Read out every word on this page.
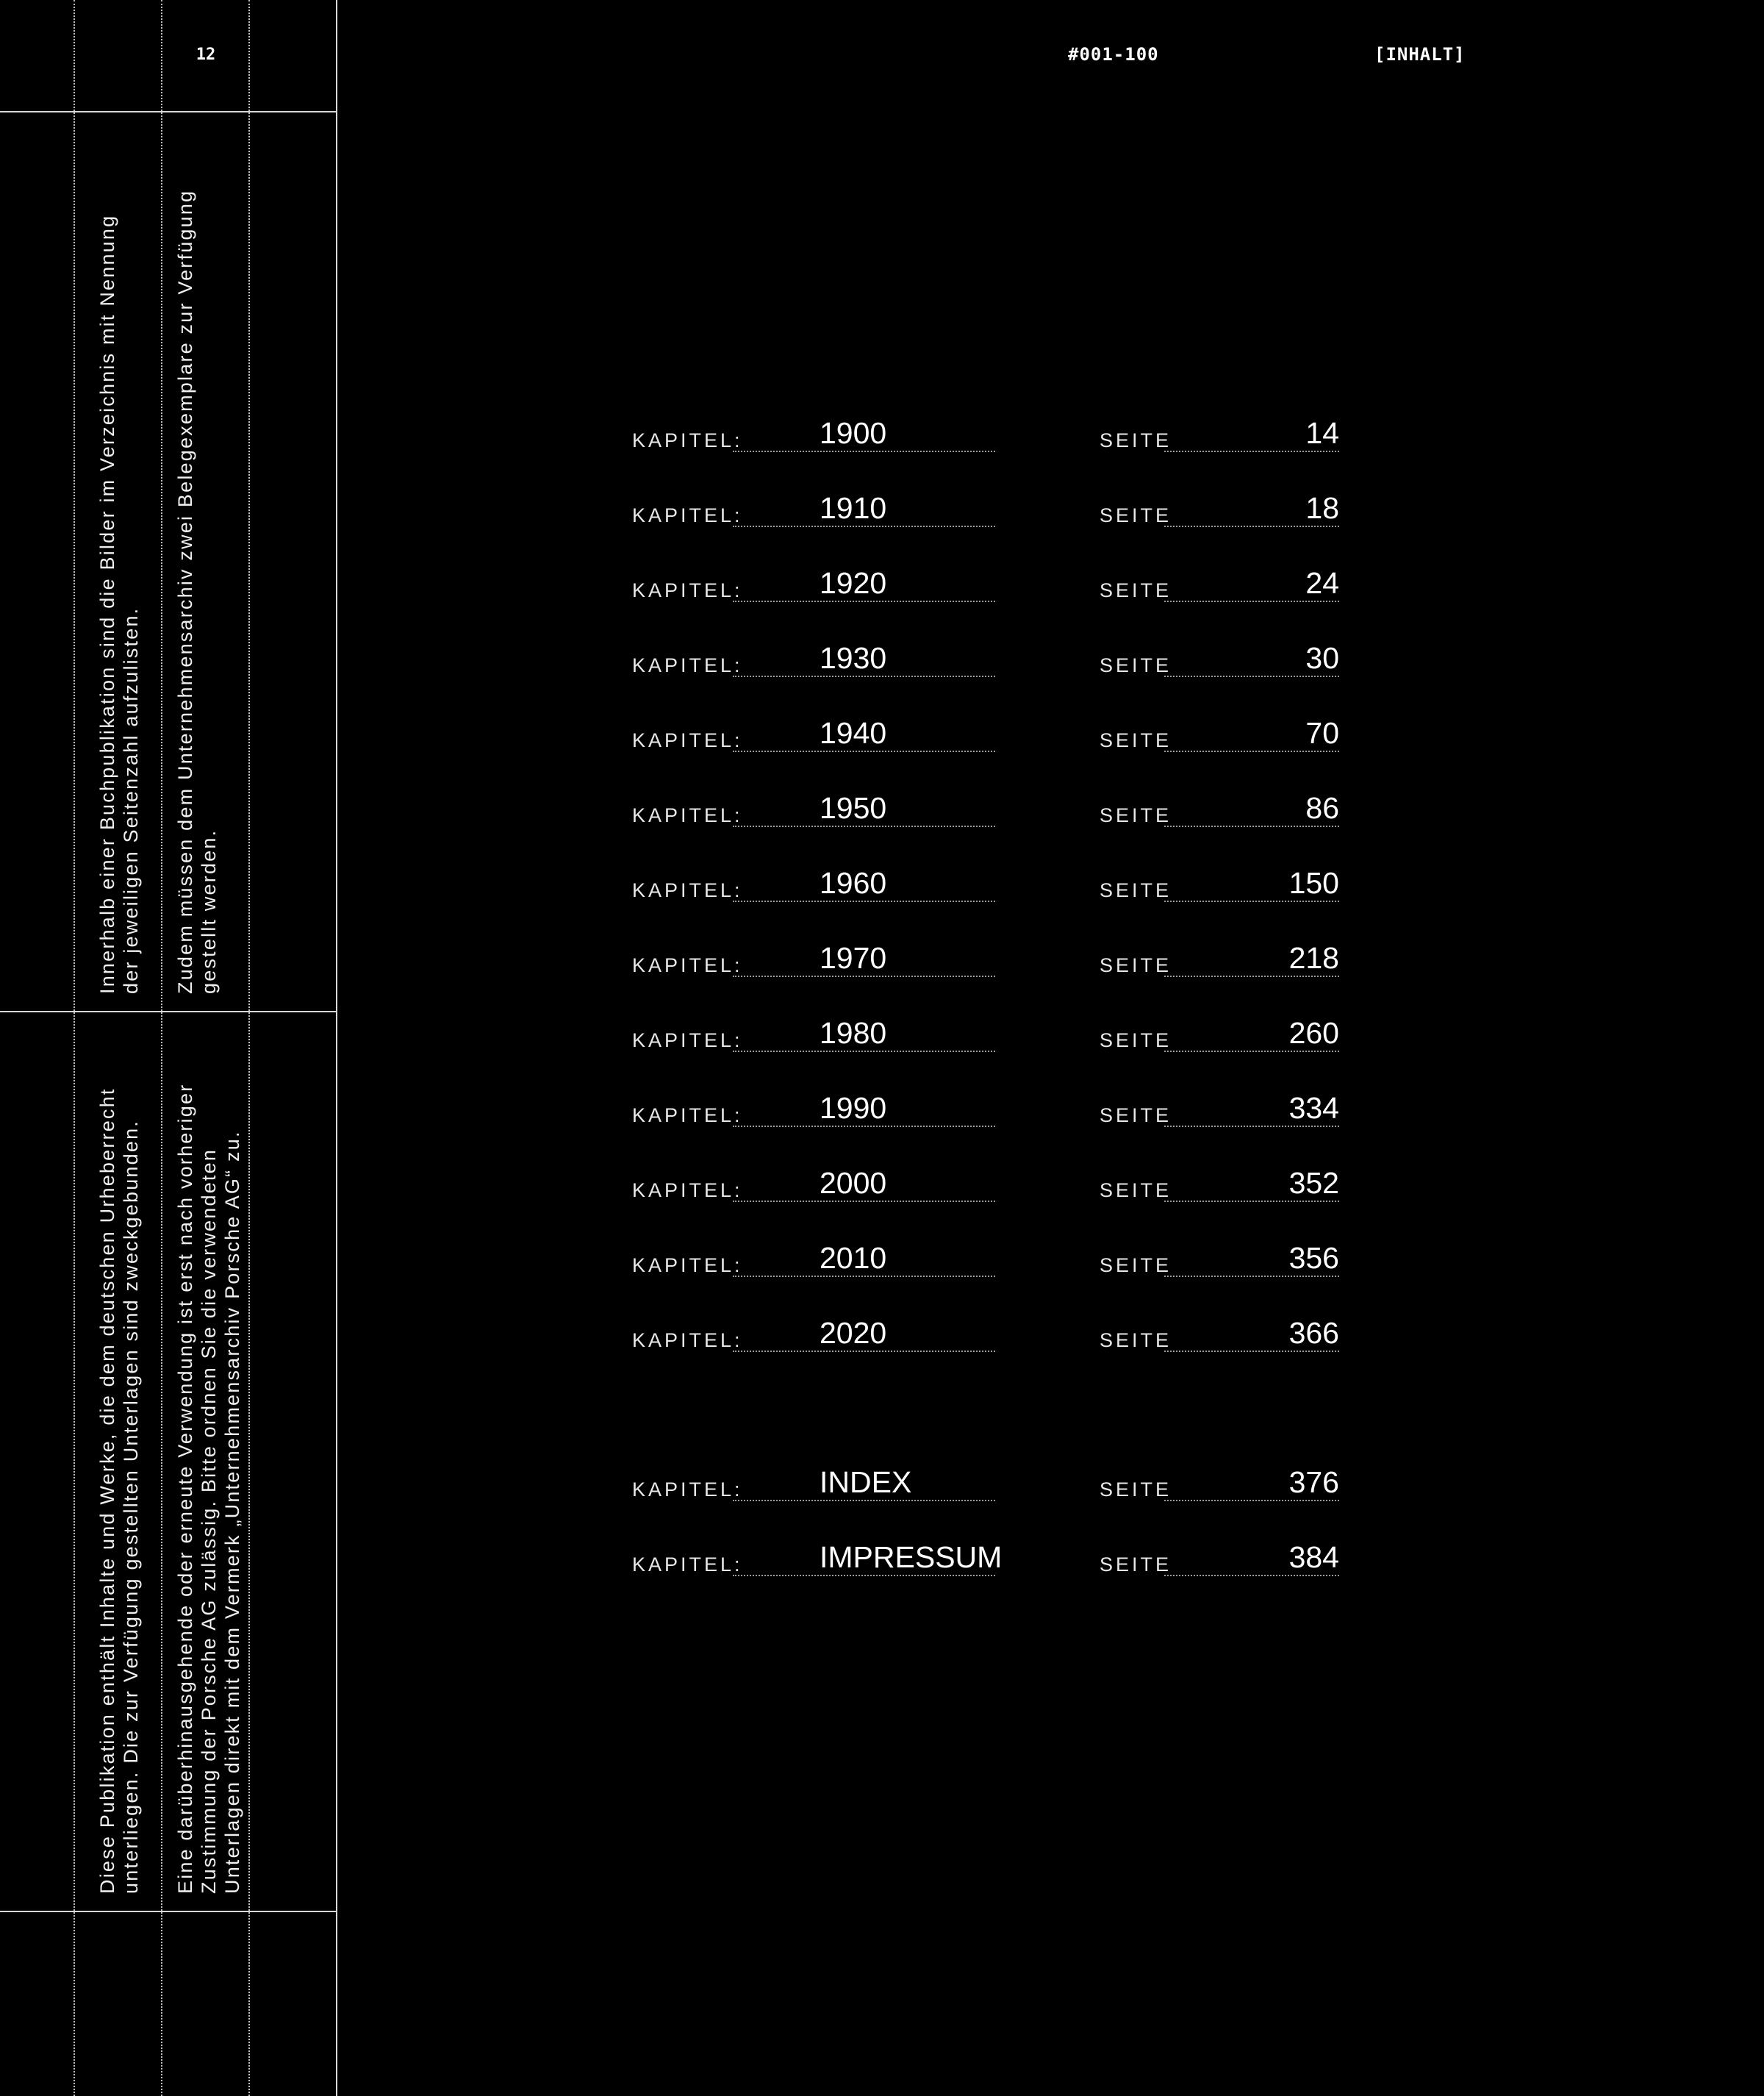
12	#001-100	[INHALT]
Innerhalb einer Buchpublikation sind die Bilder im Verzeichnis mit Nennung der jeweiligen Seitenzahl aufzulisten. Zudem müssen dem Unternehmensarchiv zwei Belegexemplare zur Verfügung gestellt werden.
Diese Publikation enthält Inhalte und Werke, die dem deutschen Urheberrecht unterliegen. Die zur Verfügung gestellten Unterlagen sind zweckgebunden. Eine darüberhinausgehende oder erneute Verwendung ist erst nach vorheriger Zustimmung der Porsche AG zulässig. Bitte ordnen Sie die verwendeten Unterlagen direkt mit dem Vermerk „Unternehmensarchiv Porsche AG“ zu.
KAPITEL:	1900	SEITE	14
KAPITEL:	1910	SEITE	18
KAPITEL:	1920	SEITE	24
KAPITEL:	1930	SEITE	30
KAPITEL:	1940	SEITE	70
KAPITEL:	1950	SEITE	86
KAPITEL:	1960	SEITE	150
KAPITEL:	1970	SEITE	218
KAPITEL:	1980	SEITE	260
KAPITEL:	1990	SEITE	334
KAPITEL:	2000	SEITE	352
KAPITEL:	2010	SEITE	356
KAPITEL:	2020	SEITE	366
KAPITEL:	INDEX	SEITE	376
KAPITEL:	IMPRESSUM	SEITE	384
